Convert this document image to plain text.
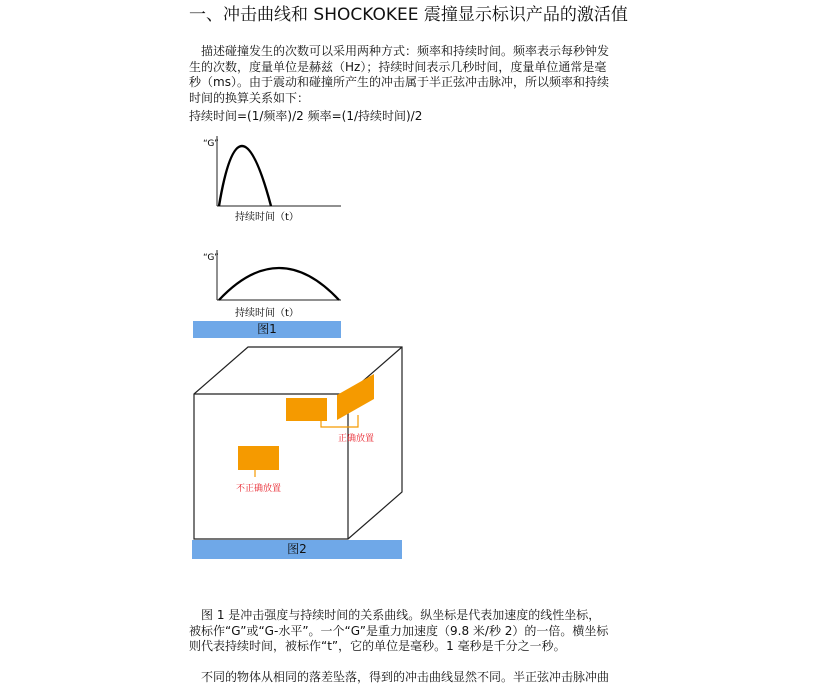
一、冲击曲线和 SHOCKOKEE 震撞显示标识产品的激活值

描述碰撞发生的次数可以采用两种方式：频率和持续时间。频率表示每秒钟发生的次数，度量单位是赫兹（Hz）；持续时间表示几秒时间，度量单位通常是毫秒（ms）。由于震动和碰撞所产生的冲击属于半正弦冲击脉冲，所以频率和持续时间的换算关系如下：

持续时间=(1/频率)/2 频率=(1/持续时间)/2
“G”
持续时间（t）
“G”
持续时间（t）
图1
正确放置
不正确放置
图2

图 1 是冲击强度与持续时间的关系曲线。纵坐标是代表加速度的线性坐标，被标作“G”或“G-水平”。一个“G”是重力加速度（9.8 米/秒 2）的一倍。横坐标则代表持续时间，被标作“t”，它的单位是毫秒。1 毫秒是千分之一秒。

不同的物体从相同的落差坠落，得到的冲击曲线显然不同。半正弦冲击脉冲曲
